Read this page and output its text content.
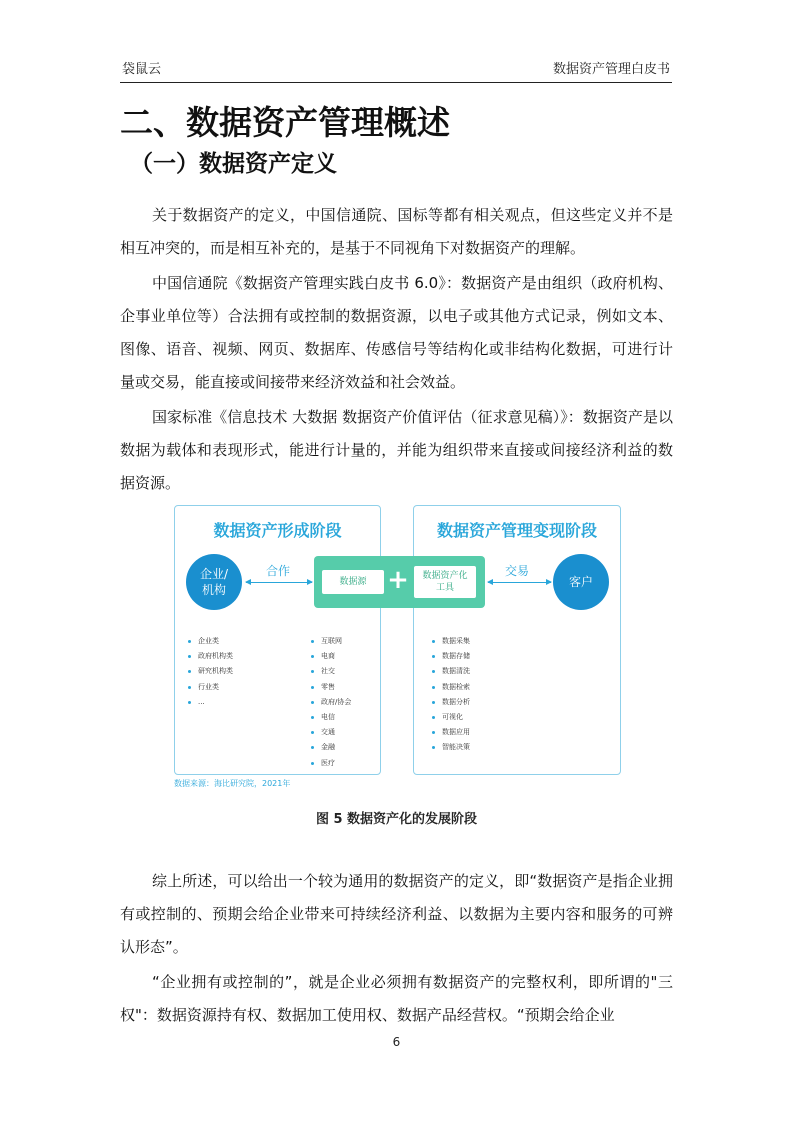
袋鼠云	数据资产管理白皮书
二、数据资产管理概述
（一）数据资产定义

关于数据资产的定义，中国信通院、国标等都有相关观点，但这些定义并不是相互冲突的，而是相互补充的，是基于不同视角下对数据资产的理解。

中国信通院《数据资产管理实践白皮书 6.0》：数据资产是由组织（政府机构、企事业单位等）合法拥有或控制的数据资源，以电子或其他方式记录，例如文本、图像、语音、视频、网页、数据库、传感信号等结构化或非结构化数据，可进行计量或交易，能直接或间接带来经济效益和社会效益。

国家标准《信息技术 大数据 数据资产价值评估（征求意见稿）》：数据资产是以数据为载体和表现形式，能进行计量的，并能为组织带来直接或间接经济利益的数据资源。

数据资产形成阶段	数据资产管理变现阶段
企业/
机构
客户
合作	交易
数据源 + 数据资产化
工具
企业类
政府机构类
研究机构类
行业类
...
互联网
电商
社交
零售
政府/协会
电信
交通
金融
医疗
数据采集
数据存储
数据清洗
数据检索
数据分析
可视化
数据应用
智能决策
数据来源：海比研究院，2021年
图 5 数据资产化的发展阶段

综上所述，可以给出一个较为通用的数据资产的定义，即“数据资产是指企业拥有或控制的、预期会给企业带来可持续经济利益、以数据为主要内容和服务的可辨认形态”。

“企业拥有或控制的”，就是企业必须拥有数据资产的完整权利，即所谓的"三权"：数据资源持有权、数据加工使用权、数据产品经营权。“预期会给企业

6
